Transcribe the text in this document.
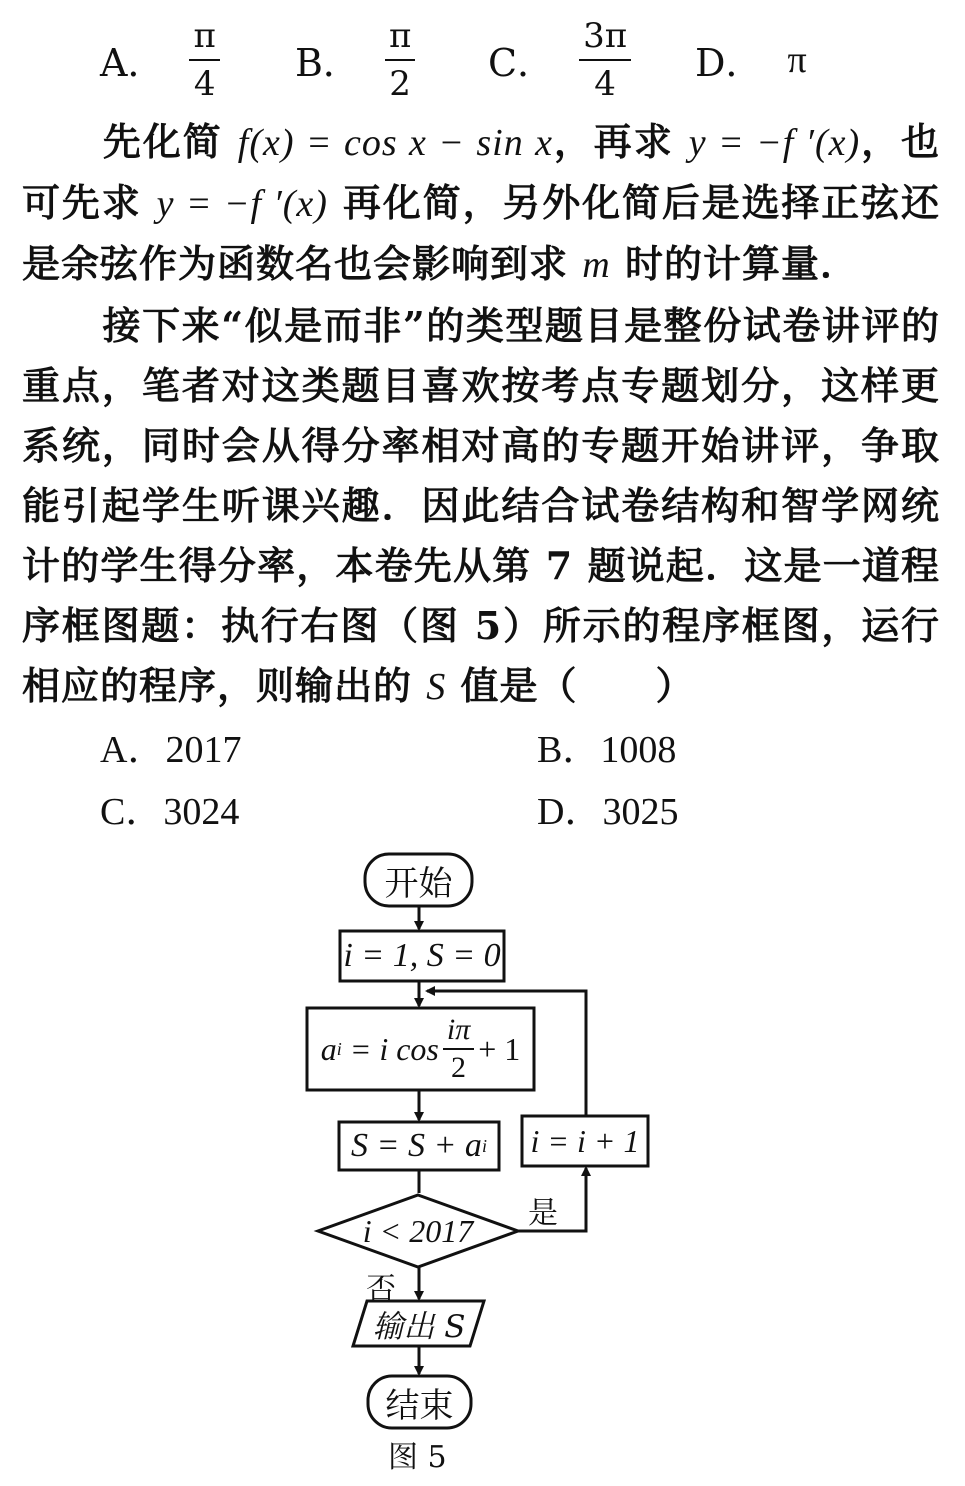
A． $\frac{\pi}{4}$ B． $\frac{\pi}{2}$ C． $\frac{3\pi}{4}$ D． π
先化简 f(x) = cos x − sin x，再求 y = −f ′(x)，也可先求 y = −f ′(x) 再化简，另外化简后是选择正弦还是余弦作为函数名也会影响到求 m 时的计算量．
接下来“似是而非”的类型题目是整份试卷讲评的重点，笔者对这类题目喜欢按考点专题划分，这样更系统，同时会从得分率相对高的专题开始讲评，争取能引起学生听课兴趣．因此结合试卷结构和智学网统计的学生得分率，本卷先从第 7 题说起．这是一道程序框图题：执行右图（图 5）所示的程序框图，运行相应的程序，则输出的 S 值是（　　）
A．2017	B．1008
C．3024	D．3025
开始
i = 1, S = 0
a i = i $\cos \frac{i\pi}{2} + 1$
S = S + a i i = i + 1
i < 2017	是
否
输出 S
结束
图 5
